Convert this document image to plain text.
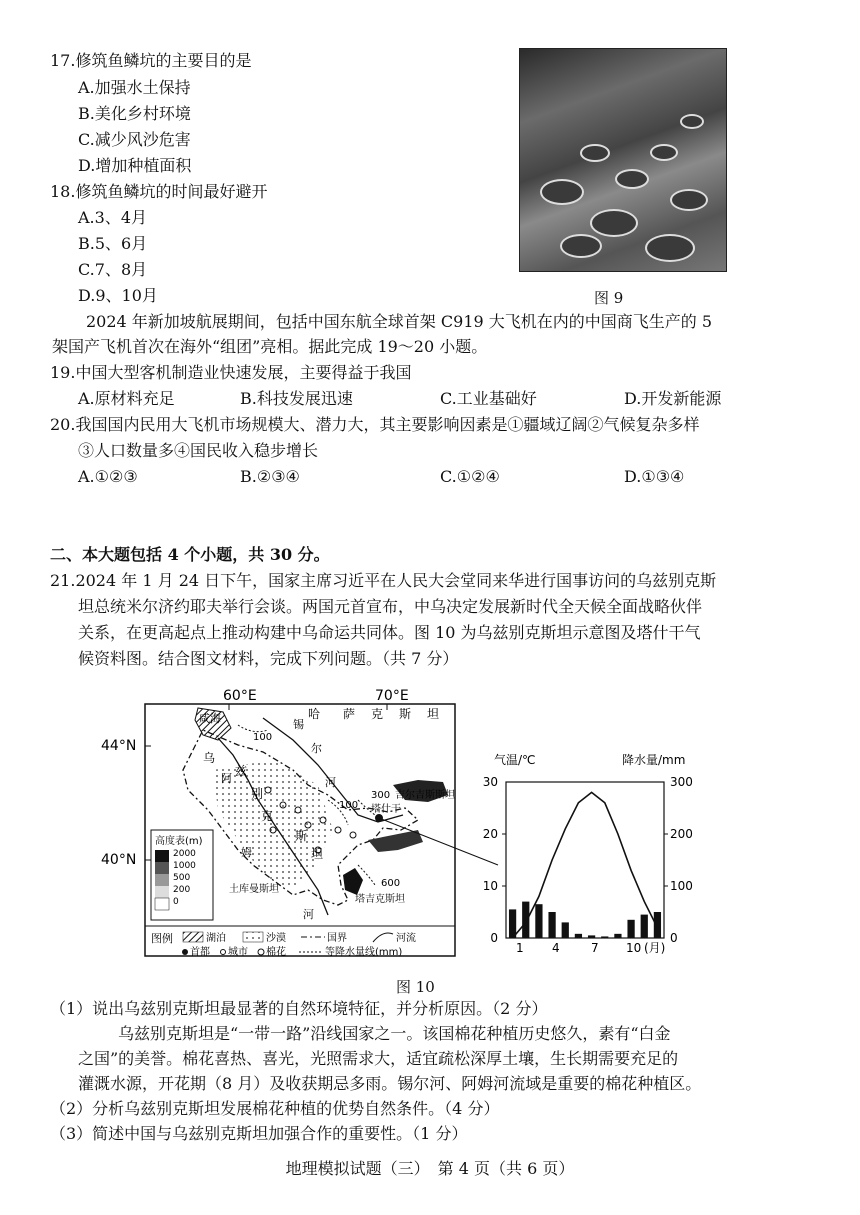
17.修筑鱼鳞坑的主要目的是
A.加强水土保持
B.美化乡村环境
C.减少风沙危害
D.增加种植面积
18.修筑鱼鳞坑的时间最好避开
A.3、4月
B.5、6月
C.7、8月
D.9、10月	图 9
2024 年新加坡航展期间，包括中国东航全球首架 C919 大飞机在内的中国商飞生产的 5
架国产飞机首次在海外“组团”亮相。据此完成 19～20 小题。
19.中国大型客机制造业快速发展，主要得益于我国
A.原材料充足	B.科技发展迅速	C.工业基础好	D.开发新能源
20.我国国内民用大飞机市场规模大、潜力大，其主要影响因素是①疆域辽阔②气候复杂多样
③人口数量多④国民收入稳步增长
A.①②③	B.②③④	C.①②④	D.①③④
二、本大题包括 4 个小题，共 30 分。
21.2024 年 1 月 24 日下午，国家主席习近平在人民大会堂同来华进行国事访问的乌兹别克斯
坦总统米尔济约耶夫举行会谈。两国元首宣布，中乌决定发展新时代全天候全面战略伙伴
关系，在更高起点上推动构建中乌命运共同体。图 10 为乌兹别克斯坦示意图及塔什干气
候资料图。结合图文材料，完成下列问题。（共 7 分）
60°E	70°E
44°N
40°N
哈 萨 克 斯 坦
乌
兹
别
克
斯
坦
咸海
阿
姆
锡
尔
河
塔什干
吉尔吉斯斯坦
土库曼斯坦
塔吉克斯坦
河
100
100
300
600
高度表(m)
2000
1000
500
200
0
图例	湖泊	沙漠	国界	河流
首都 城市 棉花	等降水量线(mm)
气温/℃	降水量/mm
1 4	7 10 (月)
0
10
20
30
0
100
200
300
图 10
（1）说出乌兹别克斯坦最显著的自然环境特征，并分析原因。（2 分）
乌兹别克斯坦是“一带一路”沿线国家之一。该国棉花种植历史悠久，素有“白金
之国”的美誉。棉花喜热、喜光，光照需求大，适宜疏松深厚土壤，生长期需要充足的
灌溉水源，开花期（8 月）及收获期忌多雨。锡尔河、阿姆河流域是重要的棉花种植区。
（2）分析乌兹别克斯坦发展棉花种植的优势自然条件。（4 分）
（3）简述中国与乌兹别克斯坦加强合作的重要性。（1 分）
地理模拟试题（三）　第 4 页（共 6 页）
